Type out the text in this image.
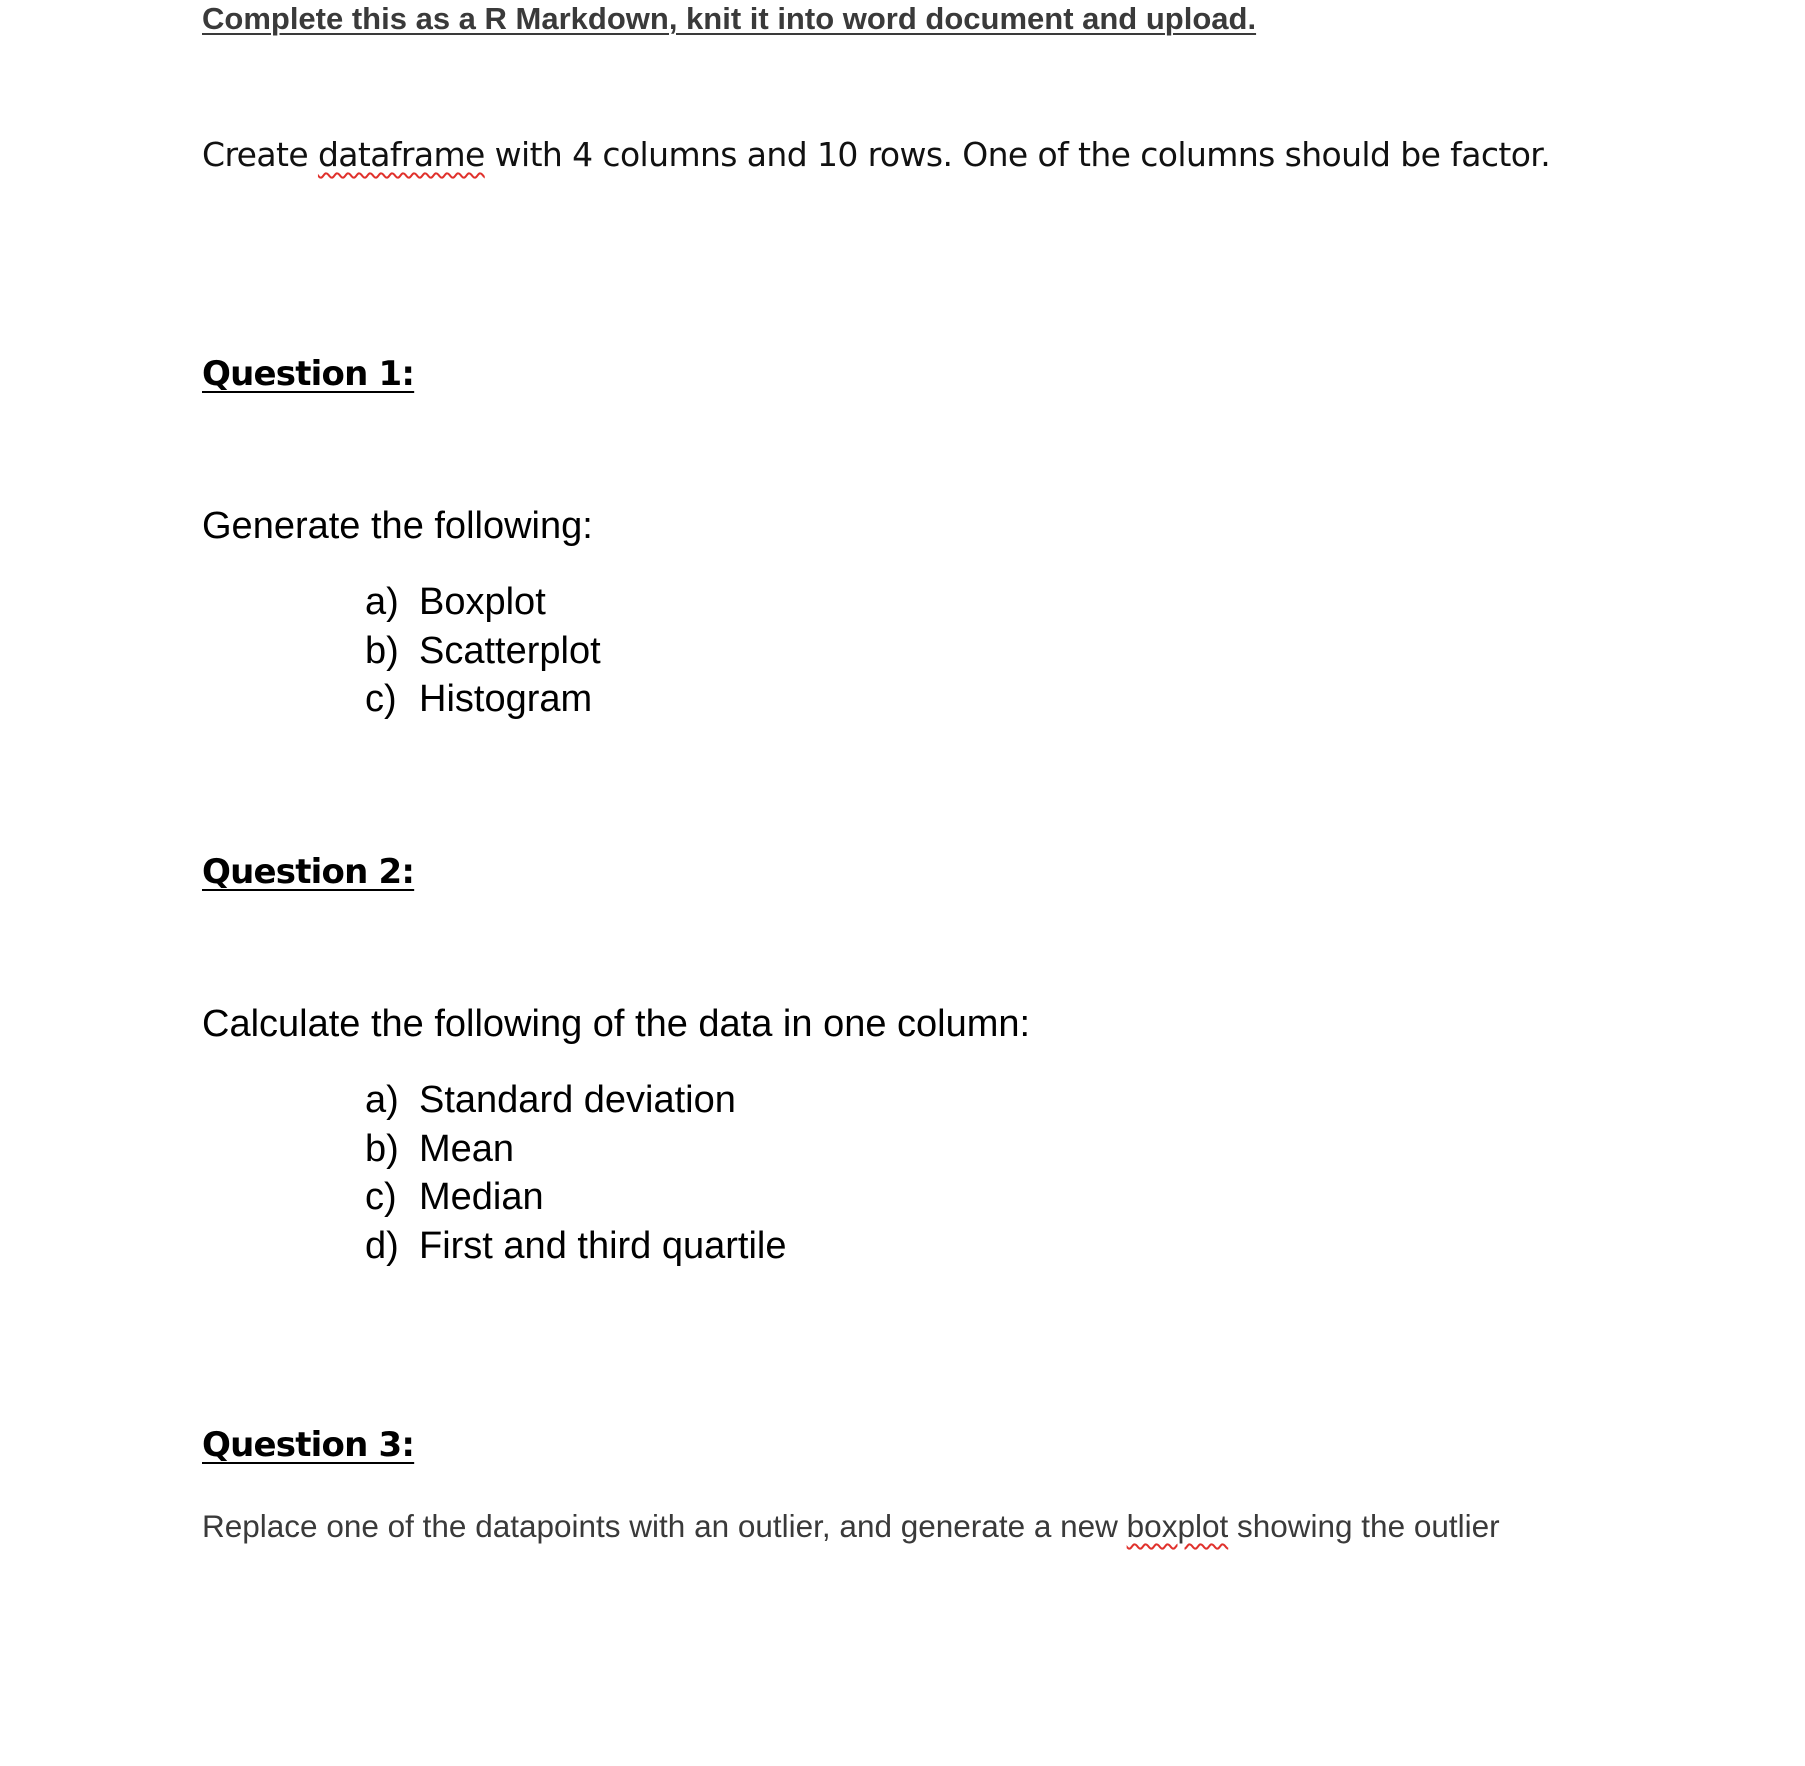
Complete this as a R Markdown, knit it into word document and upload.
Create dataframe with 4 columns and 10 rows. One of the columns should be factor.
Question 1:
Generate the following:
a) Boxplot
b) Scatterplot
c) Histogram
Question 2:
Calculate the following of the data in one column:
a) Standard deviation
b) Mean
c) Median
d) First and third quartile
Question 3:
Replace one of the datapoints with an outlier, and generate a new boxplot showing the outlier
